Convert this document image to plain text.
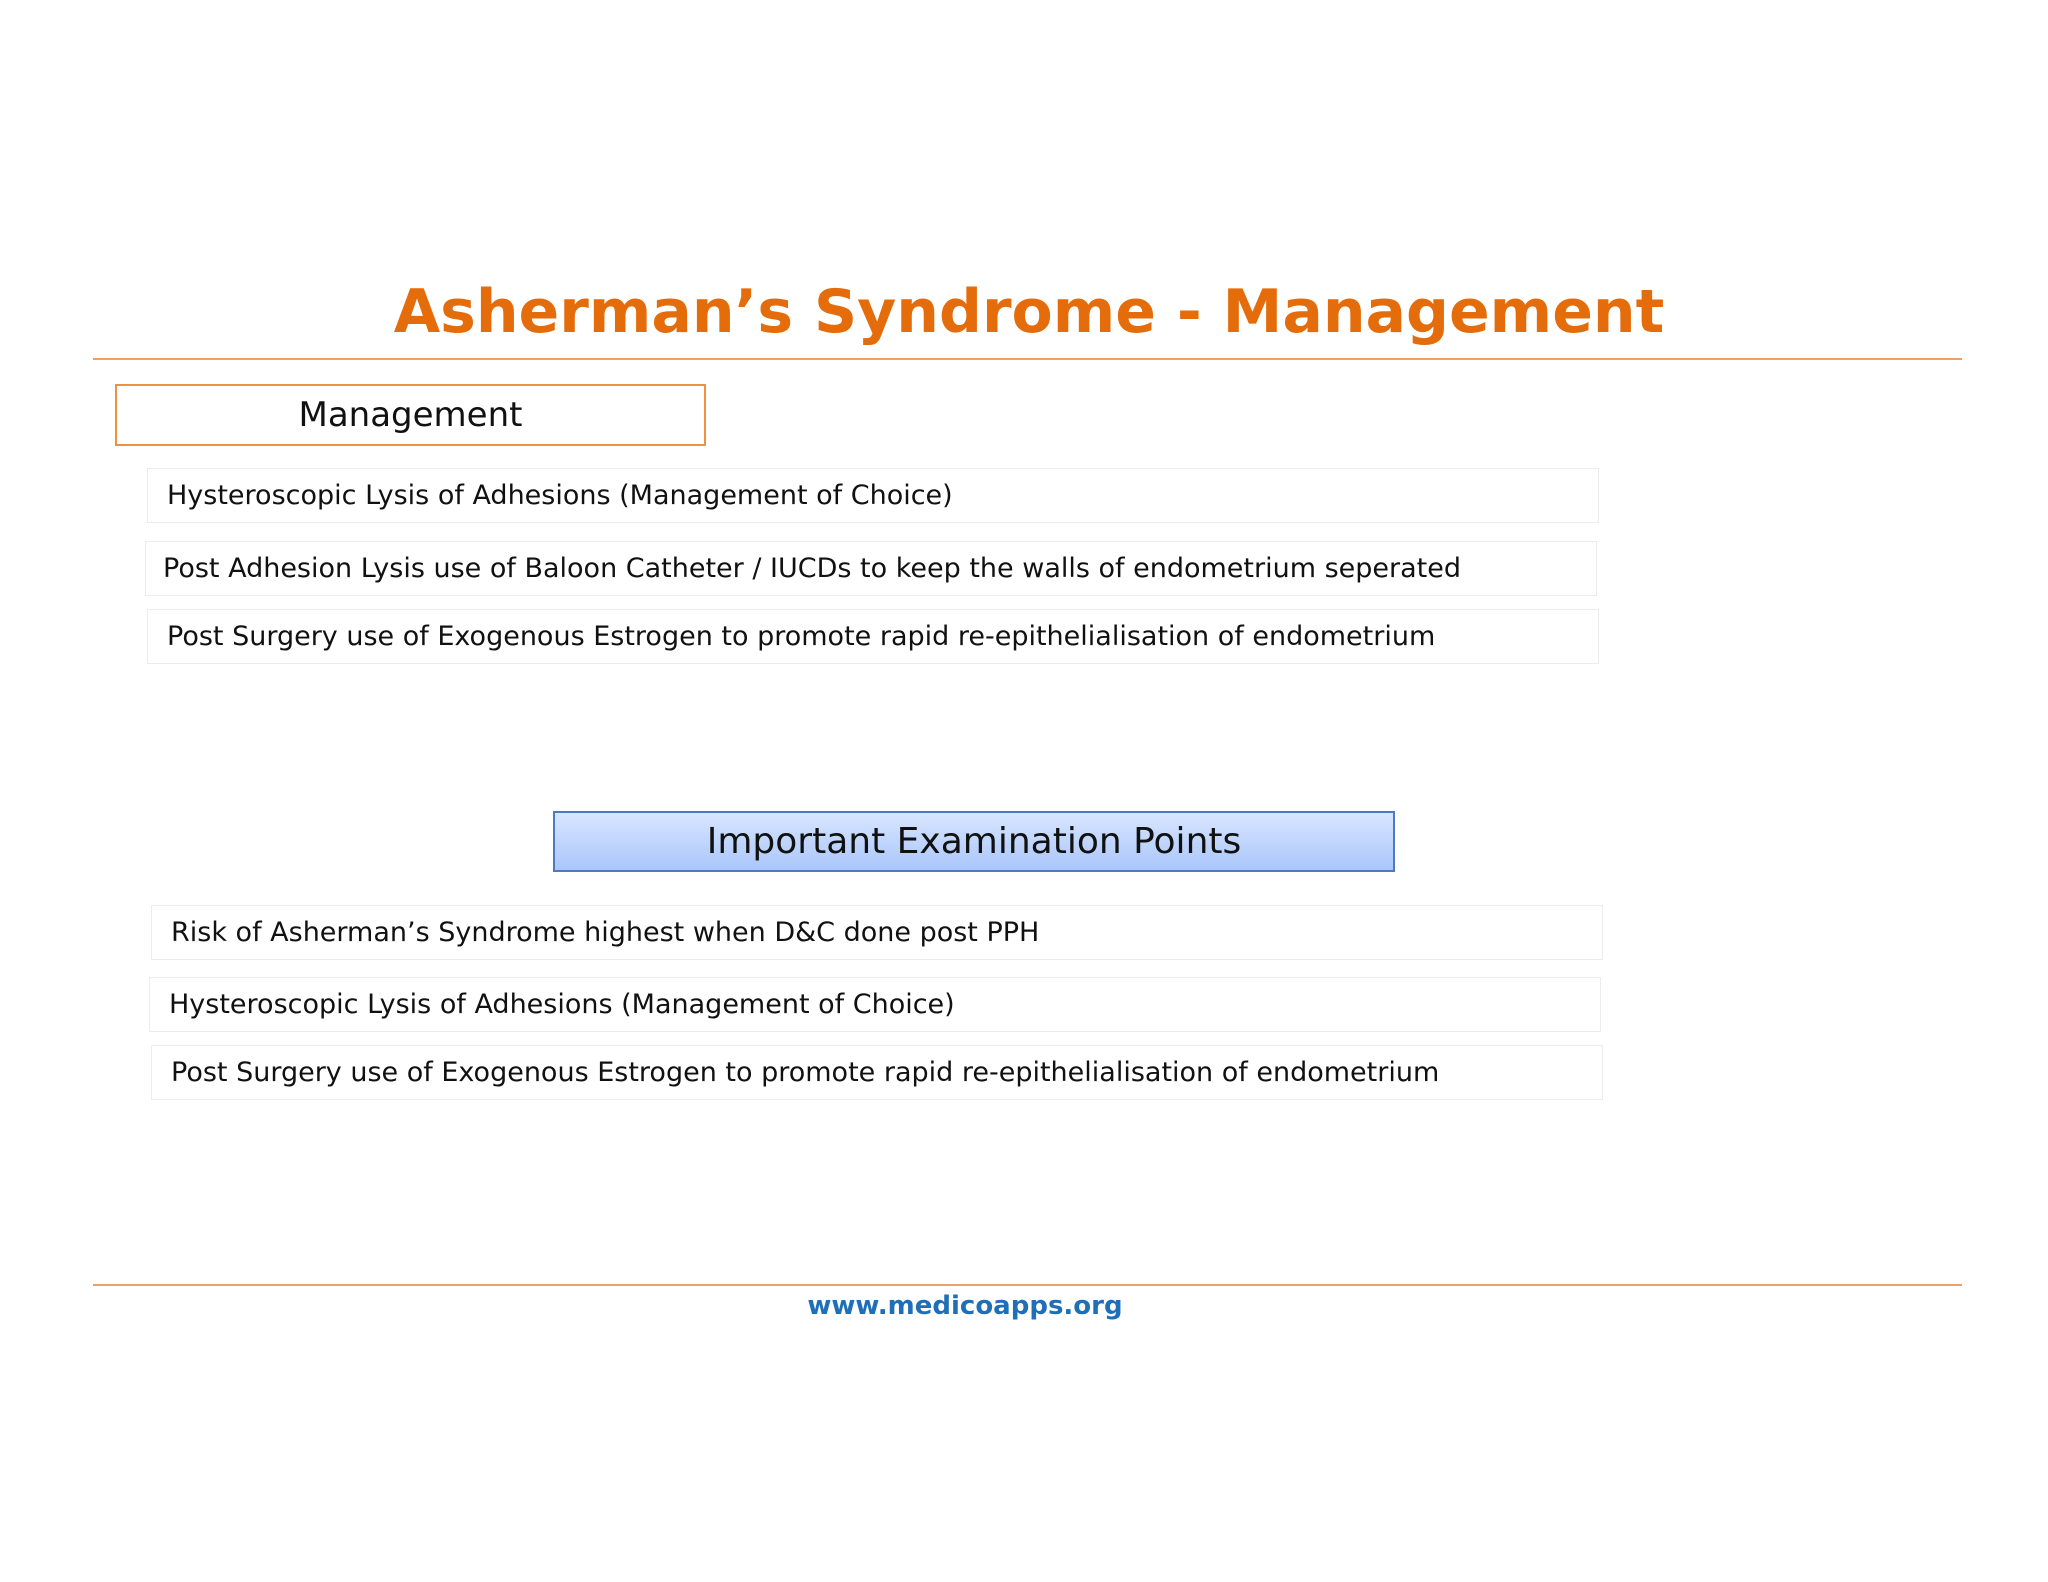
Asherman’s Syndrome - Management
Management
Hysteroscopic Lysis of Adhesions (Management of Choice)
Post Adhesion Lysis use of Baloon Catheter / IUCDs to keep the walls of endometrium seperated
Post Surgery use of Exogenous Estrogen to promote rapid re-epithelialisation of endometrium
Important Examination Points
Risk of Asherman’s Syndrome highest when D&C done post PPH
Hysteroscopic Lysis of Adhesions (Management of Choice)
Post Surgery use of Exogenous Estrogen to promote rapid re-epithelialisation of endometrium
www.medicoapps.org
